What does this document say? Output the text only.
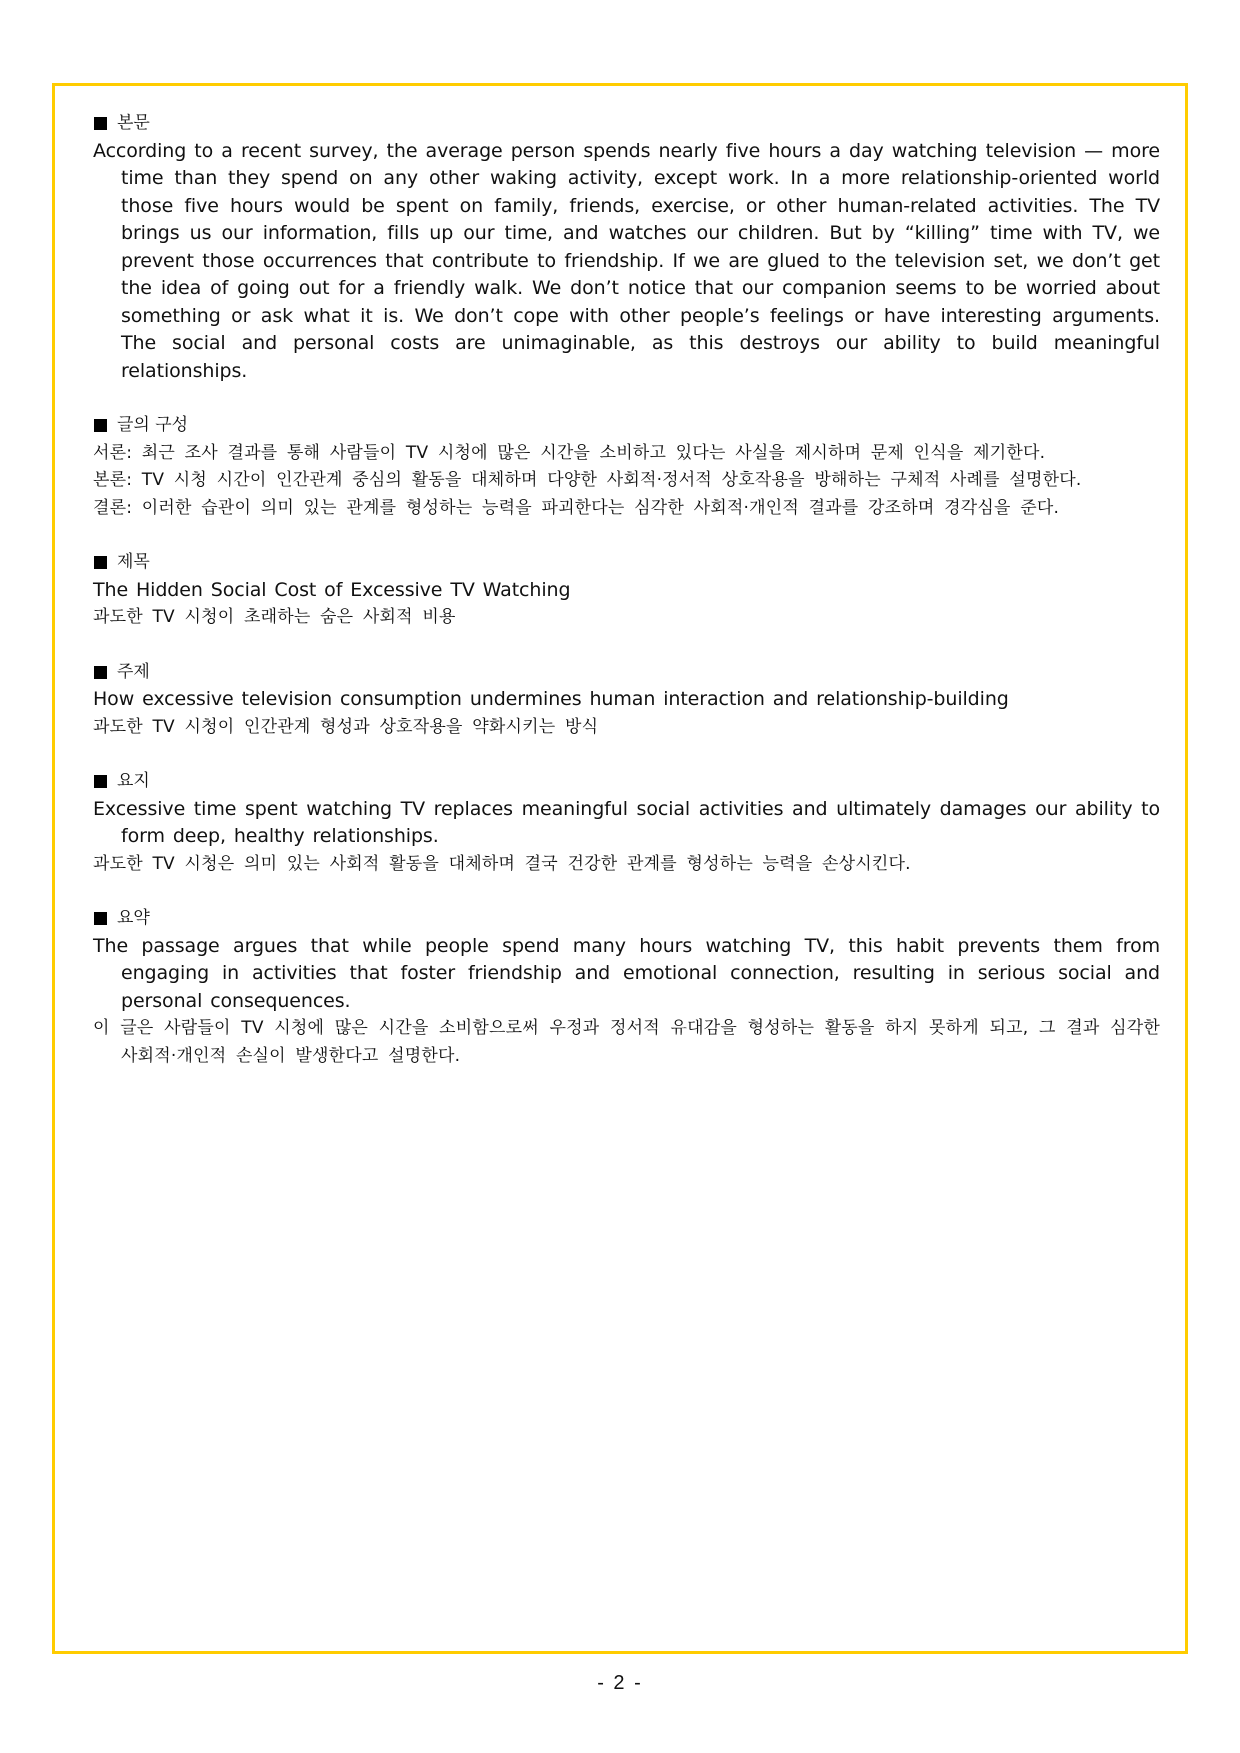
본문

According to a recent survey, the average person spends nearly five hours a day watching television — more time than they spend on any other waking activity, except work. In a more relationship-oriented world those five hours would be spent on family, friends, exercise, or other human-related activities. The TV brings us our information, fills up our time, and watches our children. But by “killing” time with TV, we prevent those occurrences that contribute to friendship. If we are glued to the television set, we don’t get the idea of going out for a friendly walk. We don’t notice that our companion seems to be worried about something or ask what it is. We don’t cope with other people’s feelings or have interesting arguments. The social and personal costs are unimaginable, as this destroys our ability to build meaningful relationships.

글의 구성
서론: 최근 조사 결과를 통해 사람들이 TV 시청에 많은 시간을 소비하고 있다는 사실을 제시하며 문제 인식을 제기한다.
본론: TV 시청 시간이 인간관계 중심의 활동을 대체하며 다양한 사회적·정서적 상호작용을 방해하는 구체적 사례를 설명한다.
결론: 이러한 습관이 의미 있는 관계를 형성하는 능력을 파괴한다는 심각한 사회적·개인적 결과를 강조하며 경각심을 준다.
제목

The Hidden Social Cost of Excessive TV Watching

과도한 TV 시청이 초래하는 숨은 사회적 비용

주제

How excessive television consumption undermines human interaction and relationship-building

과도한 TV 시청이 인간관계 형성과 상호작용을 약화시키는 방식

요지

Excessive time spent watching TV replaces meaningful social activities and ultimately damages our ability to form deep, healthy relationships.

과도한 TV 시청은 의미 있는 사회적 활동을 대체하며 결국 건강한 관계를 형성하는 능력을 손상시킨다.

요약

The passage argues that while people spend many hours watching TV, this habit prevents them from engaging in activities that foster friendship and emotional connection, resulting in serious social and personal consequences.

이 글은 사람들이 TV 시청에 많은 시간을 소비함으로써 우정과 정서적 유대감을 형성하는 활동을 하지 못하게 되고, 그 결과 심각한 사회적·개인적 손실이 발생한다고 설명한다.

- 2 -
